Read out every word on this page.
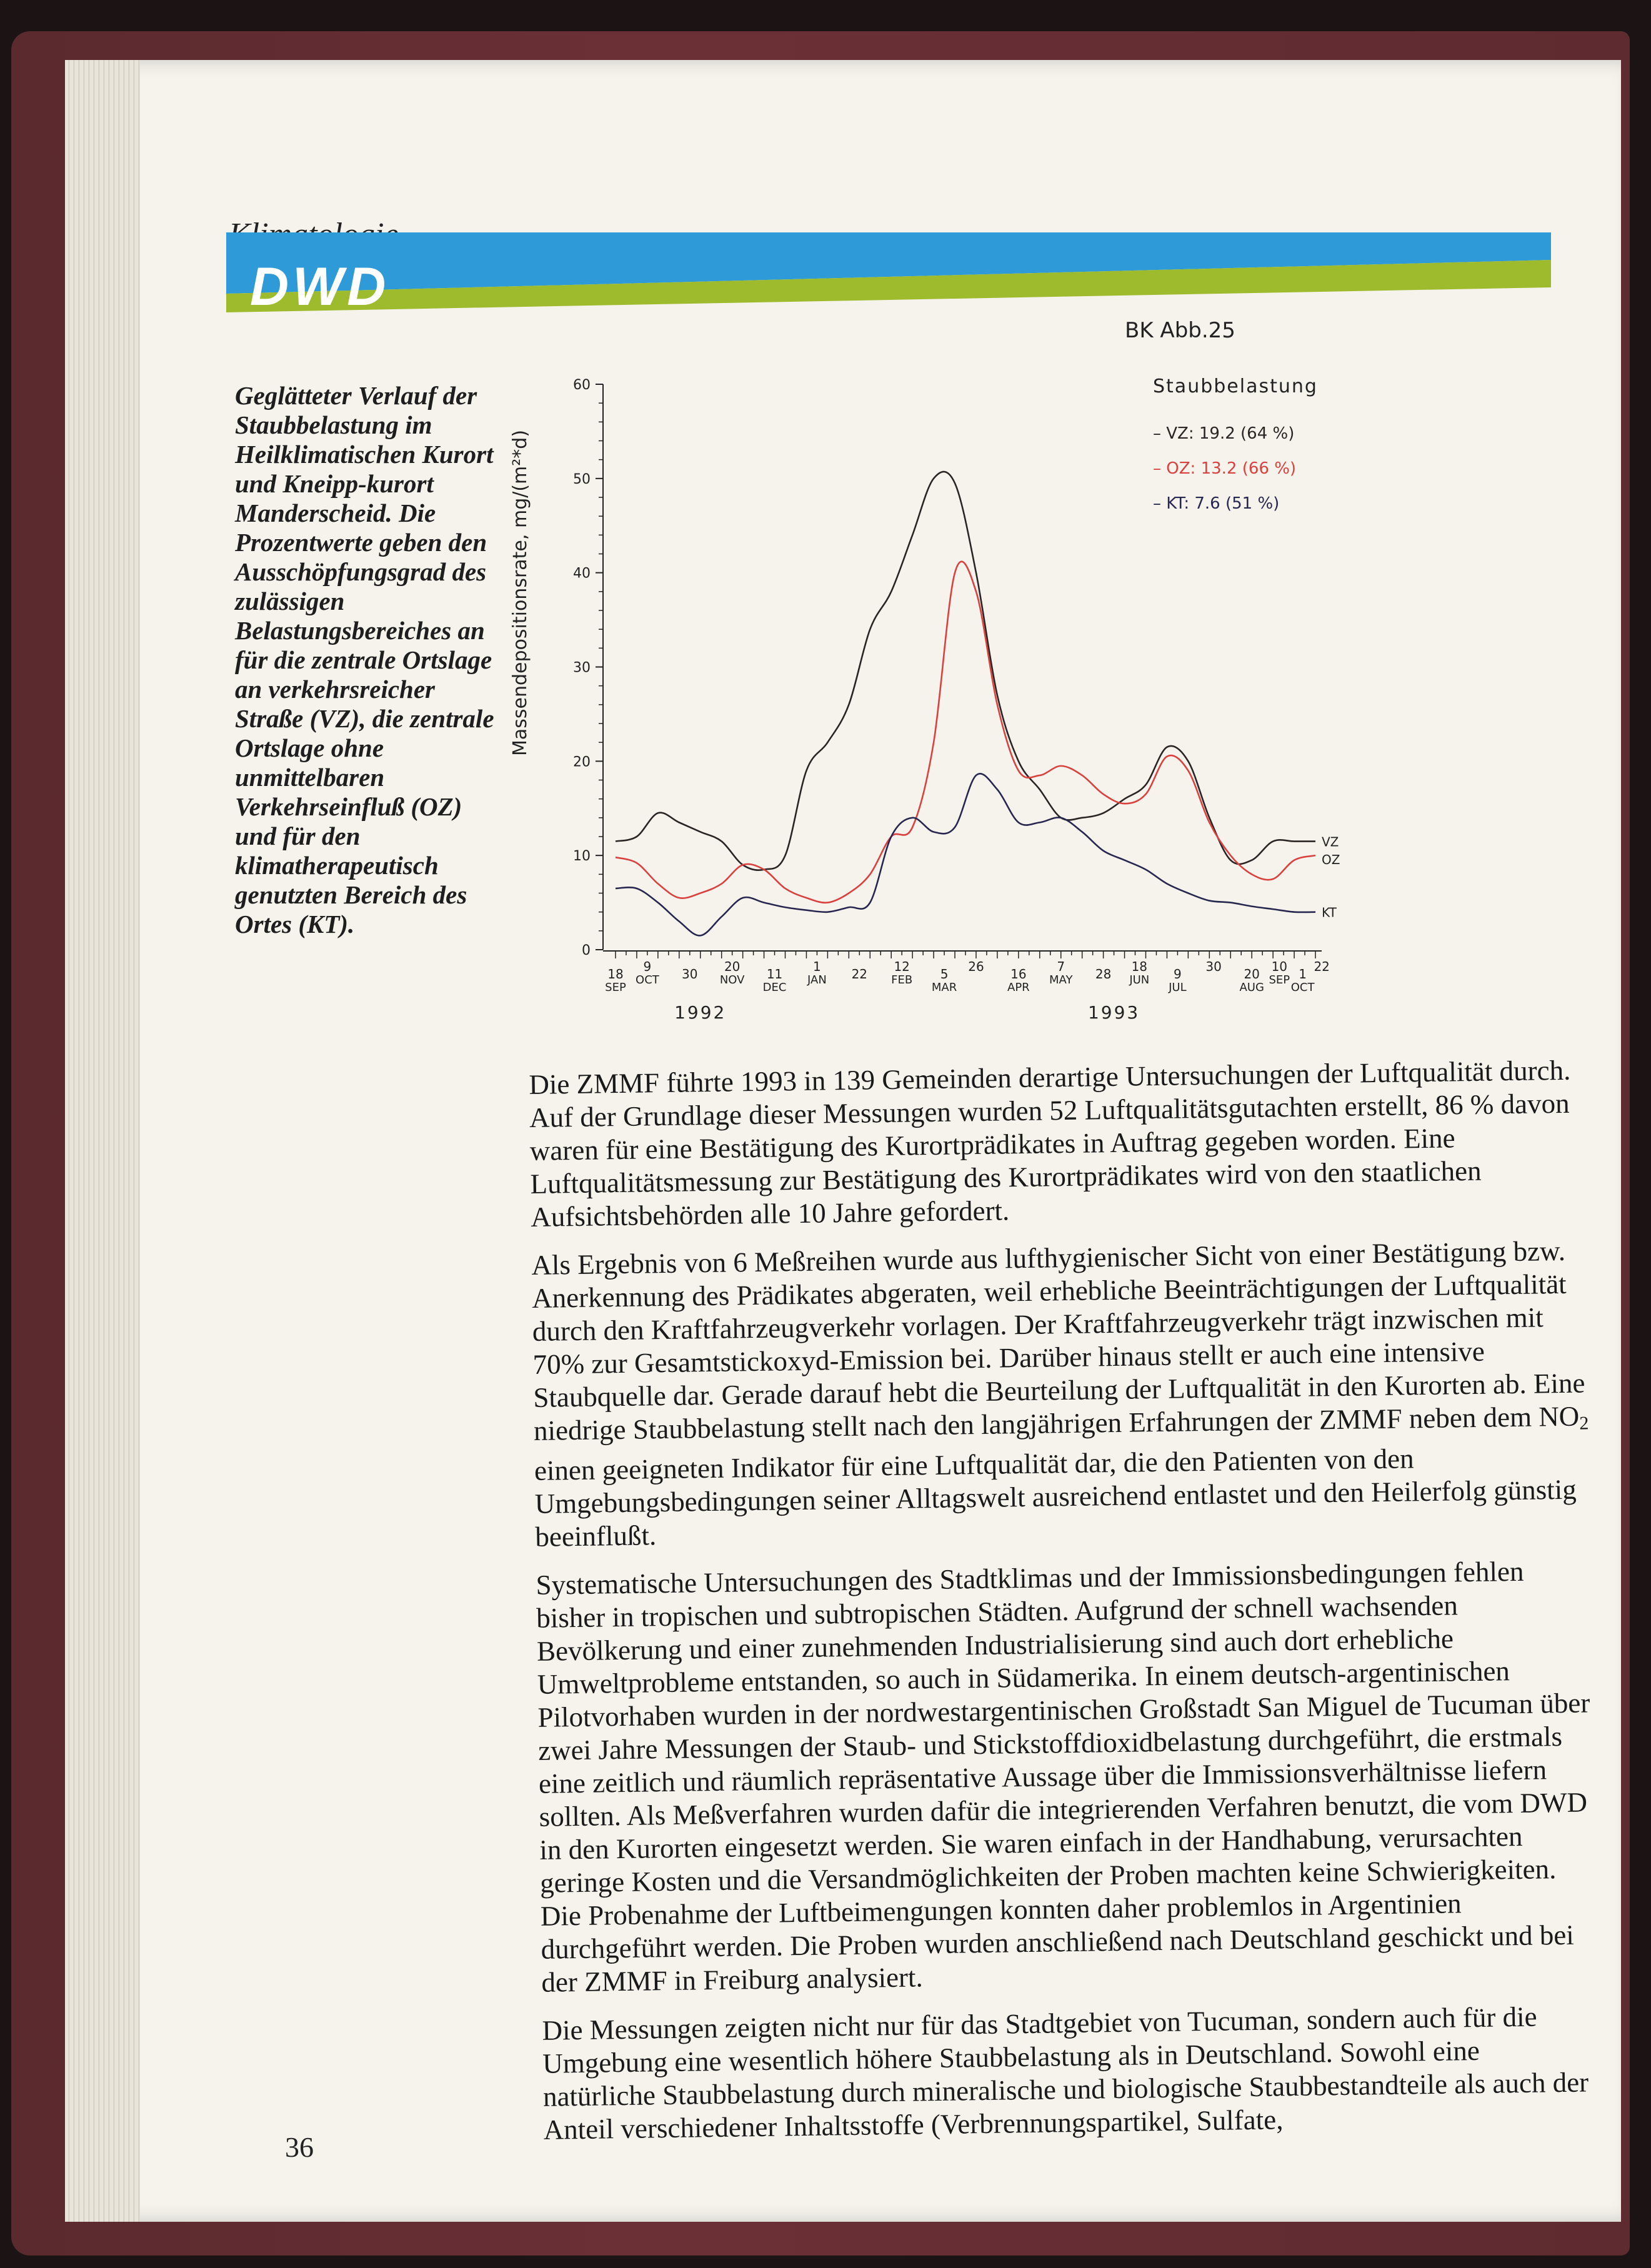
DWD
Geglätteter Verlauf der Staubbelastung im Heilklimatischen Kurort und Kneipp-kurort Manderscheid. Die Prozentwerte geben den Ausschöpfungsgrad des zulässigen Belastungsbereiches an für die zentrale Ortslage an verkehrsreicher Straße (VZ), die zentrale Ortslage ohne unmittelbaren Verkehrseinfluß (OZ) und für den klimatherapeutisch genutzten Bereich des Ortes (KT).
BK Abb.25
Staubbelastung
Massendepositionsrate, mg/(m²*d)	– VZ: 19.2 (64 %)
– OZ: 13.2 (66 %)
– KT: 7.6 (51 %)
0
10
20
30
40
50
60
18
SEP
9
OCT 30 20
NOV 11
DEC
1
JAN 22 12
FEB 5
MAR
26 16
APR
7
MAY 28 18
JUN 9
JUL
30 20
AUG
10
SEP 1
OCT
22
1992	1993
VZ
OZ
KT

Die ZMMF führte 1993 in 139 Gemeinden derartige Untersuchungen der Luftqualität durch. Auf der Grundlage dieser Messungen wurden 52 Luftqualitätsgutachten erstellt, 86 % davon waren für eine Bestätigung des Kurortprädikates in Auftrag gegeben worden. Eine Luftqualitätsmessung zur Bestätigung des Kurortprädikates wird von den staatlichen Aufsichtsbehörden alle 10 Jahre gefordert.

Als Ergebnis von 6 Meßreihen wurde aus lufthygienischer Sicht von einer Bestätigung bzw. Anerkennung des Prädikates abgeraten, weil erhebliche Beeinträchtigungen der Luftqualität durch den Kraftfahrzeugverkehr vorlagen. Der Kraftfahrzeugverkehr trägt inzwischen mit 70% zur Gesamtstickoxyd-Emission bei. Darüber hinaus stellt er auch eine intensive Staubquelle dar. Gerade darauf hebt die Beurteilung der Luftqualität in den Kurorten ab. Eine niedrige Staubbelastung stellt nach den langjährigen Erfahrungen der ZMMF neben dem $NO_2$ einen geeigneten Indikator für eine Luftqualität dar, die den Patienten von den Umgebungsbedingungen seiner Alltagswelt ausreichend entlastet und den Heilerfolg günstig beeinflußt.

Systematische Untersuchungen des Stadtklimas und der Immissionsbedingungen fehlen bisher in tropischen und subtropischen Städten. Aufgrund der schnell wachsenden Bevölkerung und einer zunehmenden Industrialisierung sind auch dort erhebliche Umweltprobleme entstanden, so auch in Südamerika. In einem deutsch-argentinischen Pilotvorhaben wurden in der nordwestargentinischen Großstadt San Miguel de Tucuman über zwei Jahre Messungen der Staub- und Stickstoffdioxidbelastung durchgeführt, die erstmals eine zeitlich und räumlich repräsentative Aussage über die Immissionsverhältnisse liefern sollten. Als Meßverfahren wurden dafür die integrierenden Verfahren benutzt, die vom DWD in den Kurorten eingesetzt werden. Sie waren einfach in der Handhabung, verursachten geringe Kosten und die Versandmöglichkeiten der Proben machten keine Schwierigkeiten. Die Probenahme der Luftbeimengungen konnten daher problemlos in Argentinien durchgeführt werden. Die Proben wurden anschließend nach Deutschland geschickt und bei der ZMMF in Freiburg analysiert.

Die Messungen zeigten nicht nur für das Stadtgebiet von Tucuman, sondern auch für die Umgebung eine wesentlich höhere Staubbelastung als in Deutschland. Sowohl eine natürliche Staubbelastung durch mineralische und biologische Staubbestandteile als auch der Anteil verschiedener Inhaltsstoffe (Verbrennungspartikel, Sulfate,

36
